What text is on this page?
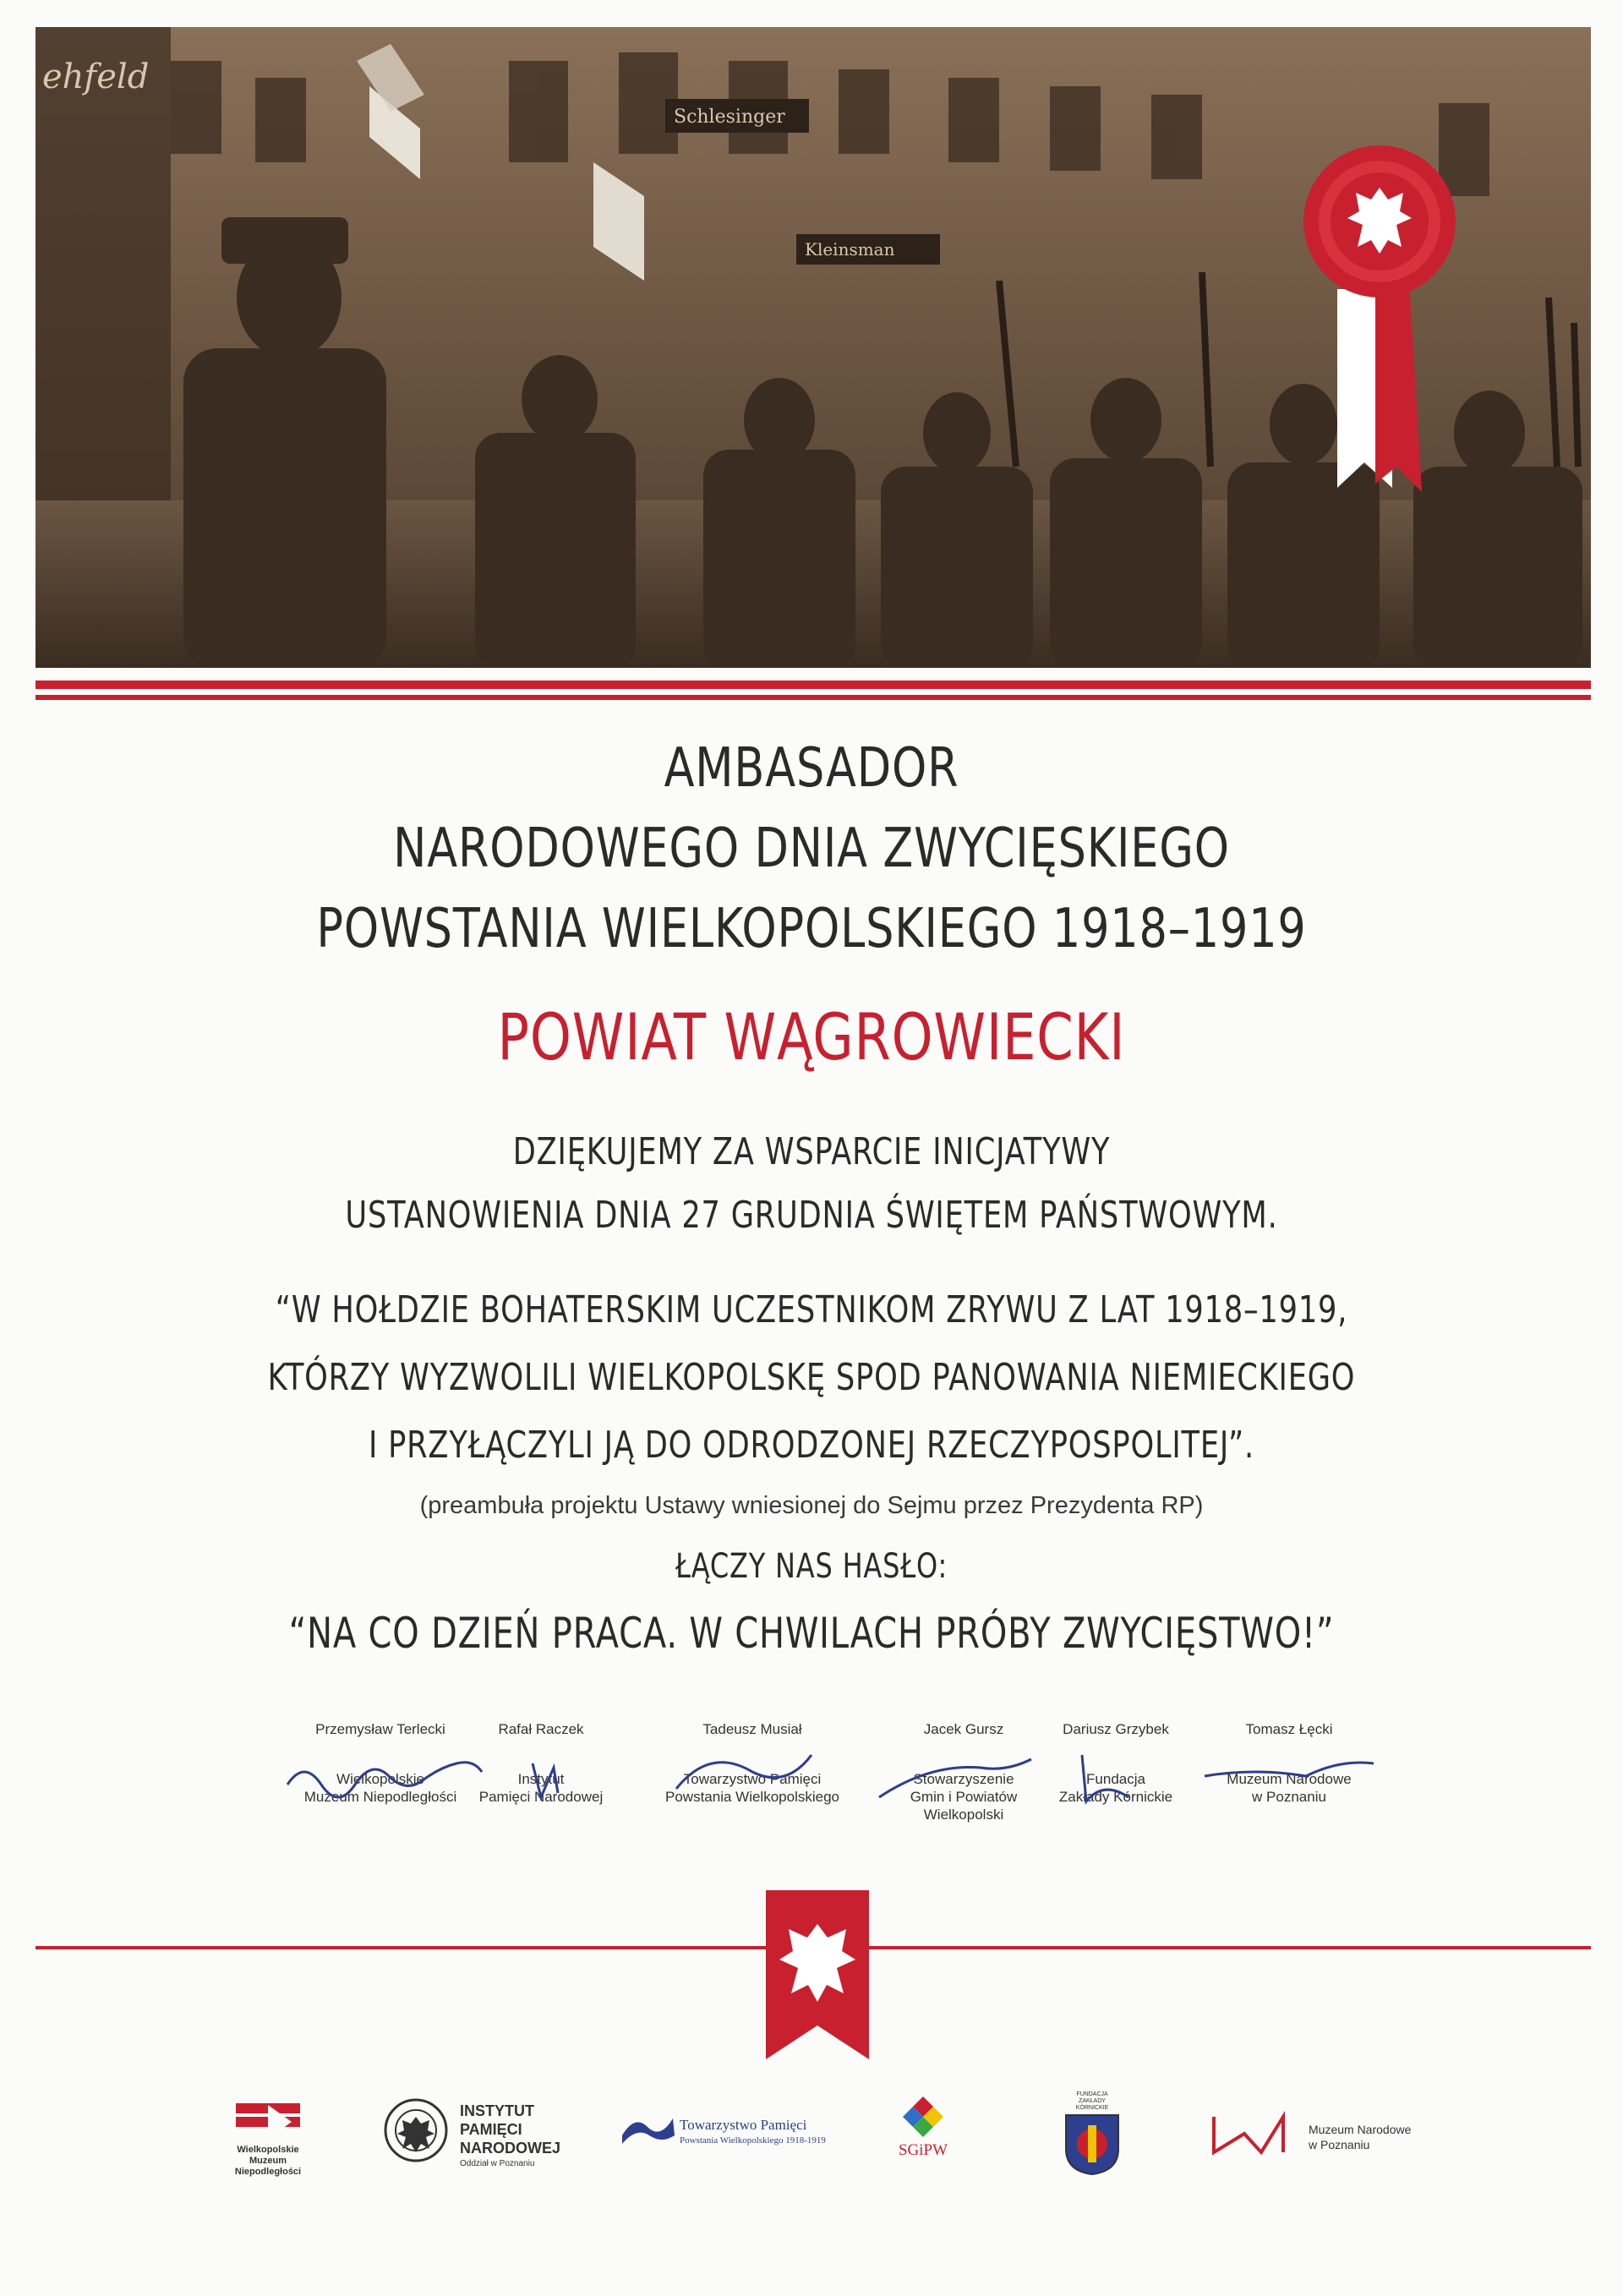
ehfeld
Schlesinger
Kleinsman
AMBASADOR
NARODOWEGO DNIA ZWYCIĘSKIEGO
POWSTANIA WIELKOPOLSKIEGO 1918–1919
POWIAT WĄGROWIECKI
DZIĘKUJEMY ZA WSPARCIE INICJATYWY
USTANOWIENIA DNIA 27 GRUDNIA ŚWIĘTEM PAŃSTWOWYM.
“W HOŁDZIE BOHATERSKIM UCZESTNIKOM ZRYWU Z LAT 1918–1919,
KTÓRZY WYZWOLILI WIELKOPOLSKĘ SPOD PANOWANIA NIEMIECKIEGO
I PRZYŁĄCZYLI JĄ DO ODRODZONEJ RZECZYPOSPOLITEJ”.
(preambuła projektu Ustawy wniesionej do Sejmu przez Prezydenta RP)
ŁĄCZY NAS HASŁO:
“NA CO DZIEŃ PRACA. W CHWILACH PRÓBY ZWYCIĘSTWO!”
Przemysław Terlecki
Wielkopolskie
Muzeum Niepodległości
Rafał Raczek
Instytut
Pamięci Narodowej
Tadeusz Musiał
Towarzystwo Pamięci
Powstania Wielkopolskiego
Jacek Gursz
Stowarzyszenie
Gmin i Powiatów
Wielkopolski
Dariusz Grzybek
Fundacja
Zakłady Kórnickie
Tomasz Łęcki
Muzeum Narodowe
w Poznaniu
Wielkopolskie
Muzeum
Niepodległości
INSTYTUT
PAMIĘCI
NARODOWEJ
Oddział w Poznaniu
Towarzystwo Pamięci
Powstania Wielkopolskiego 1918-1919
SGiPW
FUNDACJA ZAKŁADY KÓRNICKIE
Muzeum Narodowe
w Poznaniu
